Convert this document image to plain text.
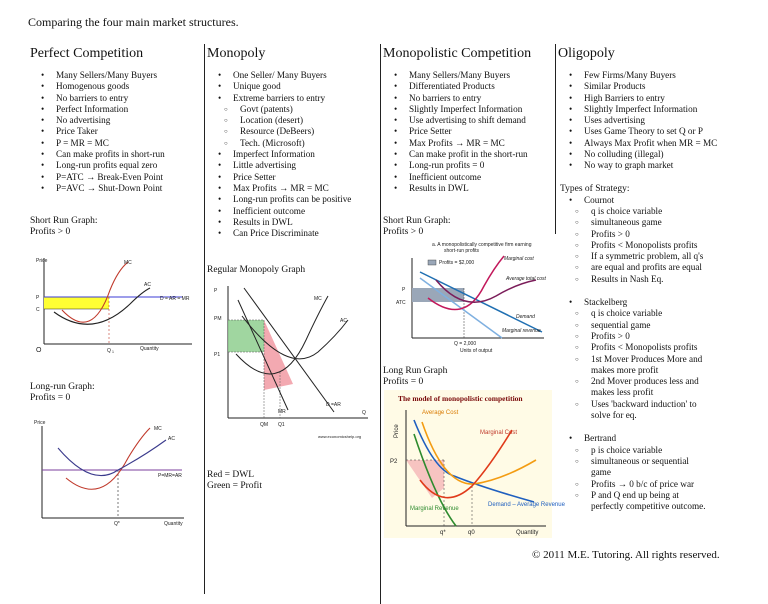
Comparing the four main market structures.
Perfect Competition
• Many Sellers/Many Buyers
• Homogenous goods
• No barriers to entry
• Perfect Information
• No advertising
• Price Taker
• P = MR = MC
• Can make profits in short-run
• Long-run profits equal zero
• P=ATC → Break-Even Point
• P=AVC → Shut-Down Point
Short Run Graph:
Profits > 0
Price	MC
AC
D = AR = MR
P
C
O	Q 1	Quantity
Long-run Graph:
Profits = 0
Price
MC
AC
P=MR=AR
Q*	Quantity
Monopoly
• One Seller/ Many Buyers
• Unique good
• Extreme barriers to entry
○ Govt (patents)
○ Location (desert)
○ Resource (DeBeers)
○ Tech. (Microsoft)
• Imperfect Information
• Little advertising
• Price Setter
• Max Profits → MR = MC
• Long-run profits can be positive
• Inefficient outcome
• Results in DWL
• Can Price Discriminate
Regular Monopoly Graph
MC
AC
MR
D =AR
PM
P1
P
QM Q1
Q
www.economicshelp.org
Red = DWL
Green = Profit
Monopolistic Competition
• Many Sellers/Many Buyers
• Differentiated Products
• No barriers to entry
• Slightly Imperfect Information
• Use advertising to shift demand
• Price Setter
• Max Profits → MR = MC
• Can make profit in the short-run
• Long-run profits = 0
• Inefficient outcome
• Results in DWL
Short Run Graph:
Profits > 0
a. A monopolistically competitive firm earning
short-run profits
Profits = $2,000
Marginal cost
Average total cost
Demand
Marginal revenue
P
ATC
Q = 2,000
Units of output
Long Run Graph
Profits = 0
The model of monopolistic competition
Average Cost
Marginal Cost
Marginal Revenue
Demand – Average Revenue
Price
P2
q*	q0	Quantity
Oligopoly
• Few Firms/Many Buyers
• Similar Products
• High Barriers to entry
• Slightly Imperfect Information
• Uses advertising
• Uses Game Theory to set Q or P
• Always Max Profit when MR = MC
• No colluding (illegal)
• No way to graph market
Types of Strategy:
• Cournot
○ q is choice variable
○ simultaneous game
○ Profits > 0
○ Profits < Monopolists profits
○ If a symmetric problem, all q's
○ are equal and profits are equal
○ Results in Nash Eq.
• Stackelberg
○ q is choice variable
○ sequential game
○ Profits > 0
○ Profits < Monopolists profits
○ 1st Mover Produces More and
makes more profit
○ 2nd Mover produces less and
makes less profit
○ Uses 'backward induction' to
solve for eq.
• Bertrand
○ p is choice variable
○ simultaneous or sequential
game
○ Profits → 0 b/c of price war
○ P and Q end up being at
perfectly competitive outcome.
© 2011 M.E. Tutoring. All rights reserved.
